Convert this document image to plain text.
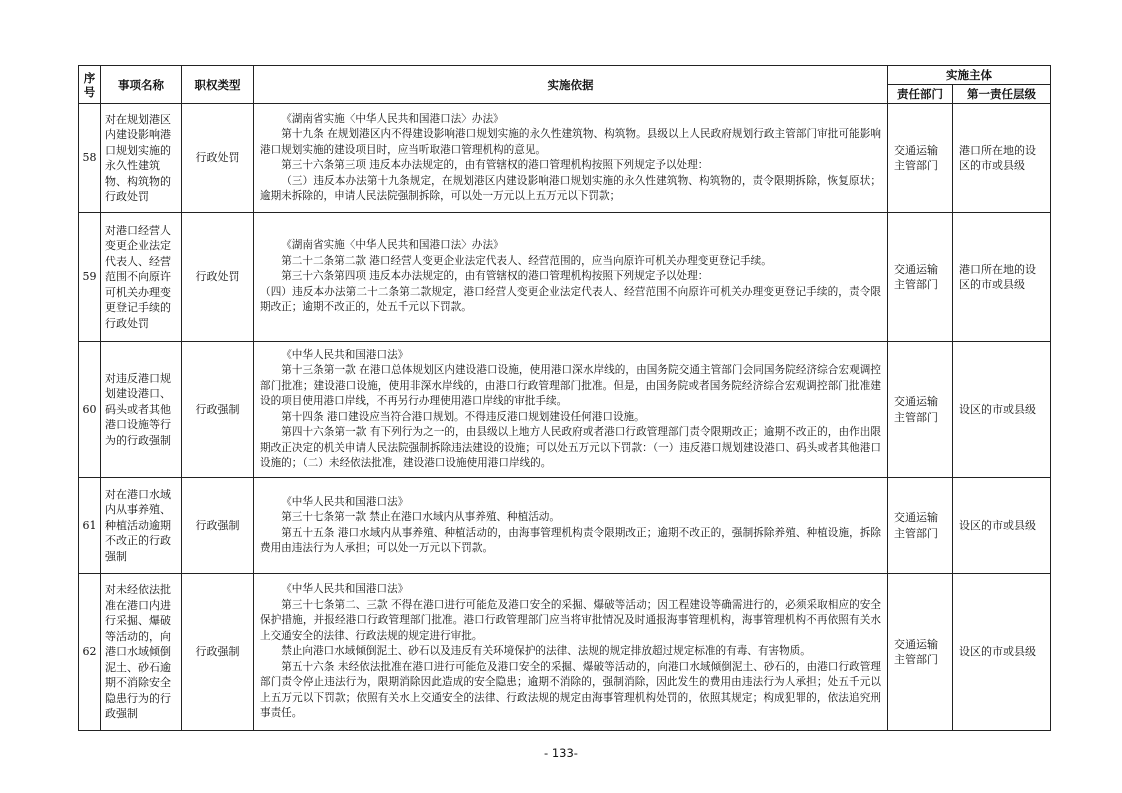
序号	事项名称	职权类型	实施依据	实施主体	
				责任部门	第一责任层级
58	对在规划港区内建设影响港口规划实施的永久性建筑物、构筑物的行政处罚	行政处罚	《湖南省实施〈中华人民共和国港口法〉办法》

第十九条 在规划港区内不得建设影响港口规划实施的永久性建筑物、构筑物。县级以上人民政府规划行政主管部门审批可能影响港口规划实施的建设项目时，应当听取港口管理机构的意见。

第三十六条第三项 违反本办法规定的，由有管辖权的港口管理机构按照下列规定予以处理：

（三）违反本办法第十九条规定，在规划港区内建设影响港口规划实施的永久性建筑物、构筑物的，责令限期拆除，恢复原状；逾期未拆除的，申请人民法院强制拆除，可以处一万元以上五万元以下罚款；	交通运输主管部门	港口所在地的设区的市或县级
59	对港口经营人变更企业法定代表人、经营范围不向原许可机关办理变更登记手续的行政处罚	行政处罚	《湖南省实施〈中华人民共和国港口法〉办法》

第二十二条第二款 港口经营人变更企业法定代表人、经营范围的，应当向原许可机关办理变更登记手续。

第三十六条第四项 违反本办法规定的，由有管辖权的港口管理机构按照下列规定予以处理：

（四）违反本办法第二十二条第二款规定，港口经营人变更企业法定代表人、经营范围不向原许可机关办理变更登记手续的，责令限期改正；逾期不改正的，处五千元以下罚款。	交通运输主管部门	港口所在地的设区的市或县级
60	对违反港口规划建设港口、码头或者其他港口设施等行为的行政强制	行政强制	《中华人民共和国港口法》

第十三条第一款 在港口总体规划区内建设港口设施，使用港口深水岸线的，由国务院交通主管部门会同国务院经济综合宏观调控部门批准；建设港口设施，使用非深水岸线的，由港口行政管理部门批准。但是，由国务院或者国务院经济综合宏观调控部门批准建设的项目使用港口岸线，不再另行办理使用港口岸线的审批手续。

第十四条 港口建设应当符合港口规划。不得违反港口规划建设任何港口设施。

第四十六条第一款 有下列行为之一的，由县级以上地方人民政府或者港口行政管理部门责令限期改正；逾期不改正的，由作出限期改正决定的机关申请人民法院强制拆除违法建设的设施；可以处五万元以下罚款：（一）违反港口规划建设港口、码头或者其他港口设施的；（二）未经依法批准，建设港口设施使用港口岸线的。	交通运输主管部门	设区的市或县级
61	对在港口水域内从事养殖、种植活动逾期不改正的行政强制	行政强制	《中华人民共和国港口法》

第三十七条第一款 禁止在港口水域内从事养殖、种植活动。

第五十五条 港口水域内从事养殖、种植活动的，由海事管理机构责令限期改正；逾期不改正的，强制拆除养殖、种植设施，拆除费用由违法行为人承担；可以处一万元以下罚款。	交通运输主管部门	设区的市或县级
62	对未经依法批准在港口内进行采掘、爆破等活动的，向港口水域倾倒泥土、砂石逾期不消除安全隐患行为的行政强制	行政强制	《中华人民共和国港口法》

第三十七条第二、三款 不得在港口进行可能危及港口安全的采掘、爆破等活动；因工程建设等确需进行的，必须采取相应的安全保护措施，并报经港口行政管理部门批准。港口行政管理部门应当将审批情况及时通报海事管理机构，海事管理机构不再依照有关水上交通安全的法律、行政法规的规定进行审批。

禁止向港口水域倾倒泥土、砂石以及违反有关环境保护的法律、法规的规定排放超过规定标准的有毒、有害物质。

第五十六条 未经依法批准在港口进行可能危及港口安全的采掘、爆破等活动的，向港口水域倾倒泥土、砂石的，由港口行政管理部门责令停止违法行为，限期消除因此造成的安全隐患；逾期不消除的，强制消除，因此发生的费用由违法行为人承担；处五千元以上五万元以下罚款；依照有关水上交通安全的法律、行政法规的规定由海事管理机构处罚的，依照其规定；构成犯罪的，依法追究刑事责任。	交通运输主管部门	设区的市或县级
- 133-
